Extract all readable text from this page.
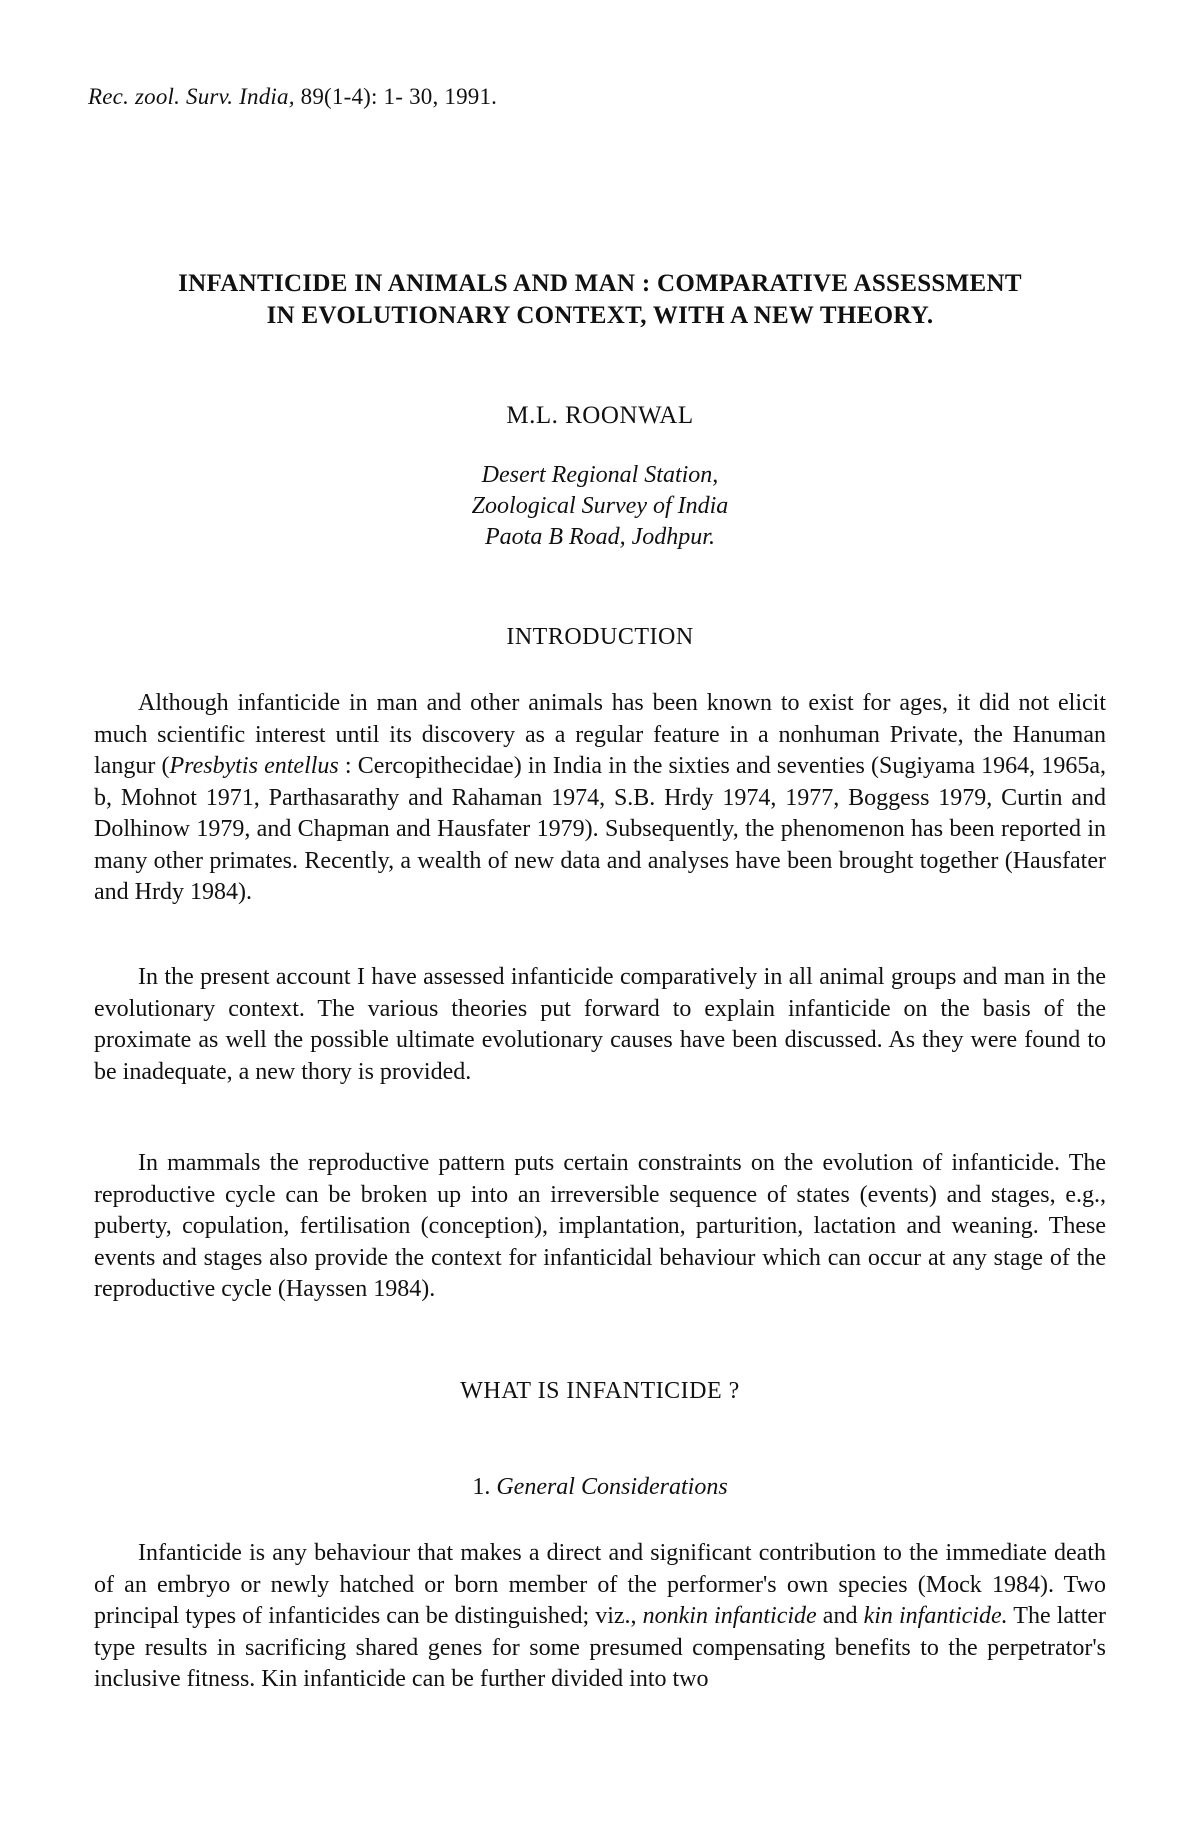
Rec. zool. Surv. India, 89(1-4): 1- 30, 1991.
INFANTICIDE IN ANIMALS AND MAN : COMPARATIVE ASSESSMENT
IN EVOLUTIONARY CONTEXT, WITH A NEW THEORY.
M.L. ROONWAL
Desert Regional Station,
Zoological Survey of India
Paota B Road, Jodhpur.
INTRODUCTION
Although infanticide in man and other animals has been known to exist for ages, it did not elicit much scientific interest until its discovery as a regular feature in a nonhuman Private, the Hanuman langur (Presbytis entellus : Cercopithecidae) in India in the sixties and seventies (Sugiyama 1964, 1965a, b, Mohnot 1971, Parthasarathy and Rahaman 1974, S.B. Hrdy 1974, 1977, Boggess 1979, Curtin and Dolhinow 1979, and Chapman and Hausfater 1979). Subsequently, the phenomenon has been reported in many other primates. Recently, a wealth of new data and analyses have been brought together (Hausfater and Hrdy 1984).
In the present account I have assessed infanticide comparatively in all animal groups and man in the evolutionary context. The various theories put forward to explain infanticide on the basis of the proximate as well the possible ultimate evolutionary causes have been discussed. As they were found to be inadequate, a new thory is provided.
In mammals the reproductive pattern puts certain constraints on the evolution of infanticide. The reproductive cycle can be broken up into an irreversible sequence of states (events) and stages, e.g., puberty, copulation, fertilisation (conception), implantation, parturition, lactation and weaning. These events and stages also provide the context for infanticidal behaviour which can occur at any stage of the reproductive cycle (Hayssen 1984).
WHAT IS INFANTICIDE ?
1. General Considerations
Infanticide is any behaviour that makes a direct and significant contribution to the immediate death of an embryo or newly hatched or born member of the performer's own species (Mock 1984). Two principal types of infanticides can be distinguished; viz., nonkin infanticide and kin infanticide. The latter type results in sacrificing shared genes for some presumed compensating benefits to the perpetrator's inclusive fitness. Kin infanticide can be further divided into two
